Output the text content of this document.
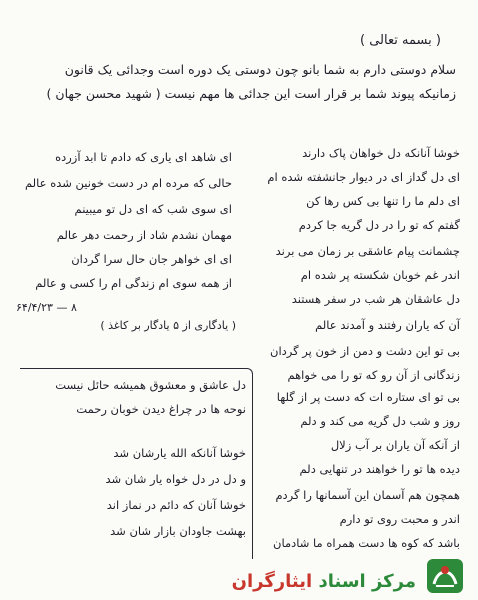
( بسمه تعالی )
سلام دوستی دارم به شما بانو چون دوستی یک دوره است وجدائی یک قانون
زمانیکه پیوند شما بر قرار است این جدائی ها مهم نیست ( شهید محسن جهان )
خوشا آنانکه دل خواهان پاک دارند
ای دل گداز ای در دیوار جانشفته شده ام
ای دلم ما را تنها بی کس رها کن
گفتم که تو را در دل گریه جا کردم
چشمانت پیام عاشقی بر زمان می برند
اندر غم خوبان شکسته پر شده ام
دل عاشقان هر شب در سفر هستند
آن که یاران رفتند و آمدند عالم
بی تو این دشت و دمن از خون پر گردان
زندگانی از آن رو که تو را می خواهم
بی تو ای ستاره ات که دست پر از گلها
روز و شب دل گریه می کند و دلم
از آنکه آن یاران بر آب زلال
دیده ها تو را خواهند در تنهایی دلم
همچون هم آسمان این آسمانها را گردم
اندر و محبت روی تو دارم
باشد که کوه ها دست همراه ما شادمان
ای شاهد ای یاری که دادم تا ابد آزرده
حالی که مرده ام در دست خونین شده عالم
ای سوی شب که ای دل تو میبینم
مهمان نشدم شاد از رحمت دهر عالم
ای ای خواهر جان حال سرا گردان
از همه سوی ام زندگی ام را کسی و عالم
۶۴/۴/۲۳ — ۸
( یادگاری از ۵ یادگار بر کاغذ )
دل عاشق و معشوق همیشه حائل نیست
نوحه ها در چراغ دیدن خوبان رحمت
خوشا آنانکه الله یارشان شد
و دل در دل خواه یار شان شد
خوشا آنان که دائم در نماز اند
بهشت جاودان بازار شان شد
مرکز اسناد ایثارگران
